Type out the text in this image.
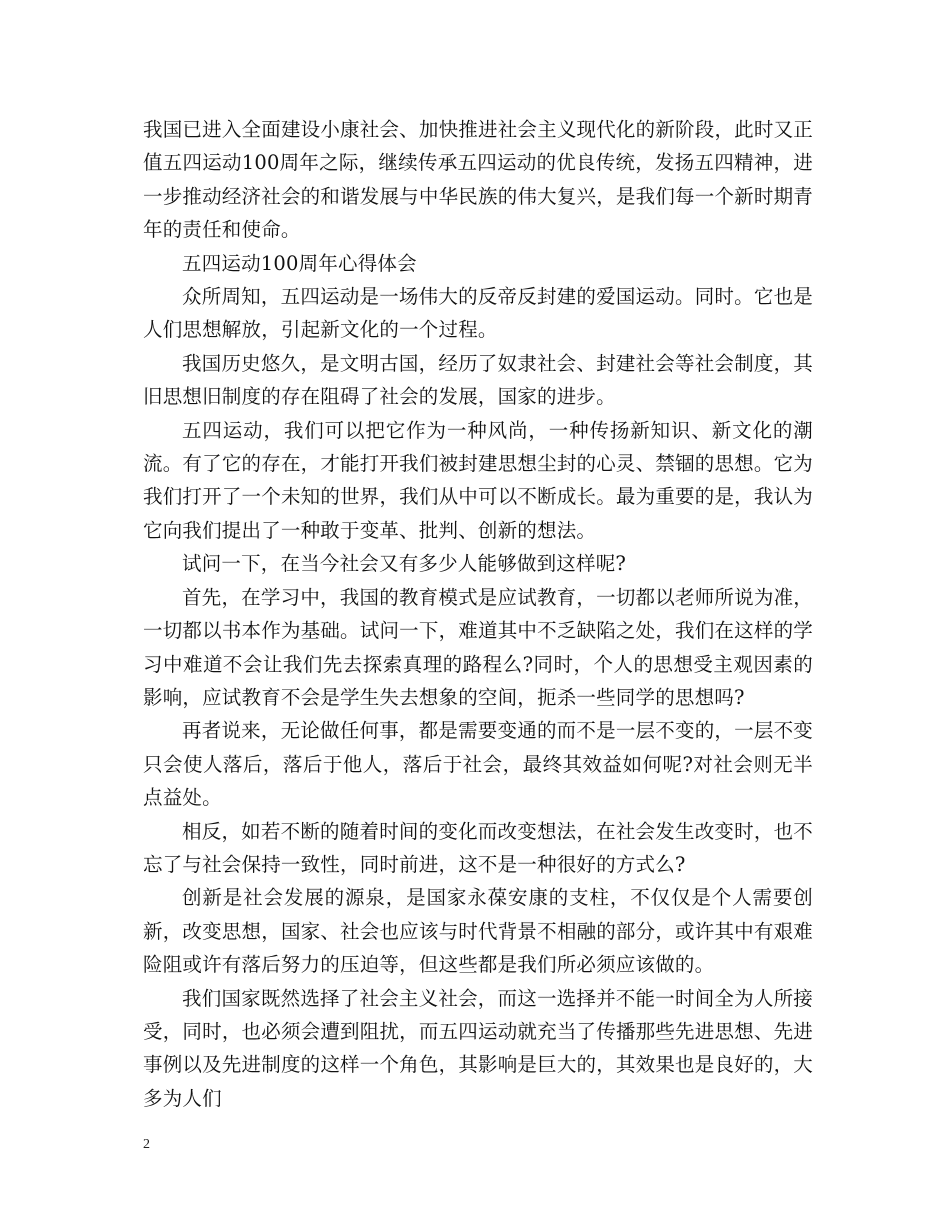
我国已进入全面建设小康社会、加快推进社会主义现代化的新阶段，此时又正值五四运动100周年之际，继续传承五四运动的优良传统，发扬五四精神，进一步推动经济社会的和谐发展与中华民族的伟大复兴，是我们每一个新时期青年的责任和使命。

五四运动100周年心得体会

众所周知，五四运动是一场伟大的反帝反封建的爱国运动。同时。它也是人们思想解放，引起新文化的一个过程。

我国历史悠久，是文明古国，经历了奴隶社会、封建社会等社会制度，其旧思想旧制度的存在阻碍了社会的发展，国家的进步。

五四运动，我们可以把它作为一种风尚，一种传扬新知识、新文化的潮流。有了它的存在，才能打开我们被封建思想尘封的心灵、禁锢的思想。它为我们打开了一个未知的世界，我们从中可以不断成长。最为重要的是，我认为它向我们提出了一种敢于变革、批判、创新的想法。

试问一下，在当今社会又有多少人能够做到这样呢?

首先，在学习中，我国的教育模式是应试教育，一切都以老师所说为准，一切都以书本作为基础。试问一下，难道其中不乏缺陷之处，我们在这样的学习中难道不会让我们先去探索真理的路程么?同时，个人的思想受主观因素的影响，应试教育不会是学生失去想象的空间，扼杀一些同学的思想吗?

再者说来，无论做任何事，都是需要变通的而不是一层不变的，一层不变只会使人落后，落后于他人，落后于社会，最终其效益如何呢?对社会则无半点益处。

相反，如若不断的随着时间的变化而改变想法，在社会发生改变时，也不忘了与社会保持一致性，同时前进，这不是一种很好的方式么?

创新是社会发展的源泉，是国家永葆安康的支柱，不仅仅是个人需要创新，改变思想，国家、社会也应该与时代背景不相融的部分，或许其中有艰难险阻或许有落后努力的压迫等，但这些都是我们所必须应该做的。

我们国家既然选择了社会主义社会，而这一选择并不能一时间全为人所接受，同时，也必须会遭到阻扰，而五四运动就充当了传播那些先进思想、先进事例以及先进制度的这样一个角色，其影响是巨大的，其效果也是良好的，大多为人们

2
